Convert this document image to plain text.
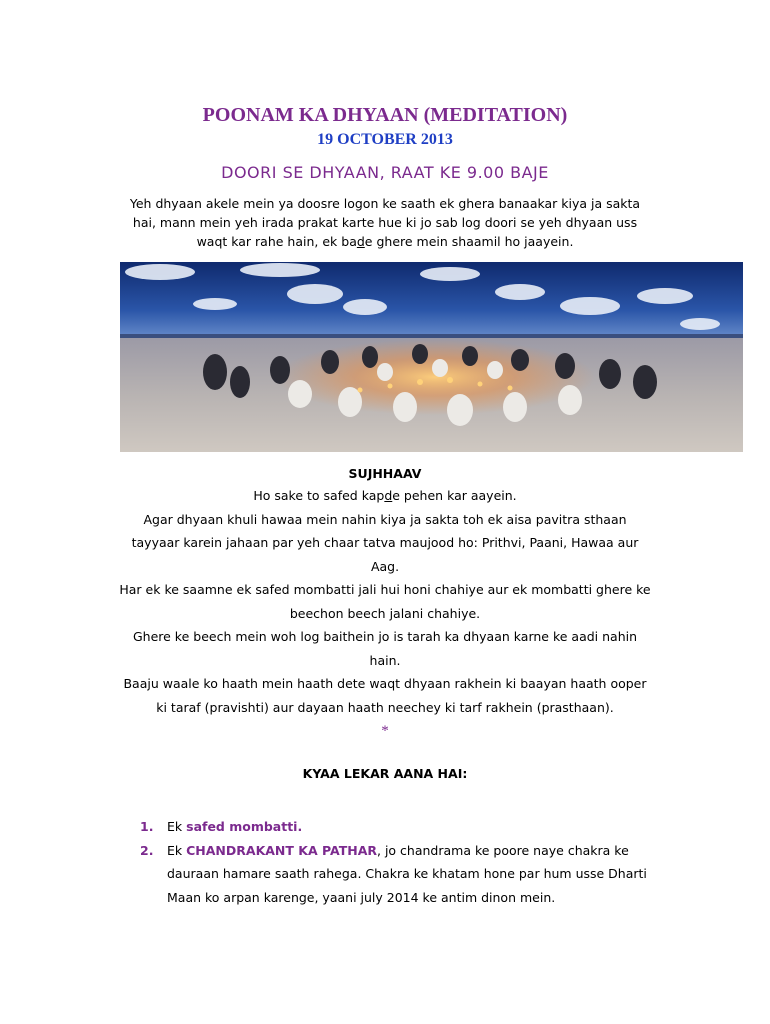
POONAM KA DHYAAN (MEDITATION)
19 OCTOBER 2013
DOORI SE DHYAAN, RAAT KE 9.00 BAJE
Yeh dhyaan akele mein ya doosre logon ke saath ek ghera banaakar kiya ja sakta
hai, mann mein yeh irada prakat karte hue ki jo sab log doori se yeh dhyaan uss
waqt kar rahe hain, ek bade ghere mein shaamil ho jaayein.
SUJHHAAV

Ho sake to safed kapde pehen kar aayein.

Agar dhyaan khuli hawaa mein nahin kiya ja sakta toh ek aisa pavitra sthaan

tayyaar karein jahaan par yeh chaar tatva maujood ho: Prithvi, Paani, Hawaa aur

Aag.

Har ek ke saamne ek safed mombatti jali hui honi chahiye aur ek mombatti ghere ke

beechon beech jalani chahiye.

Ghere ke beech mein woh log baithein jo is tarah ka dhyaan karne ke aadi nahin

hain.

Baaju waale ko haath mein haath dete waqt dhyaan rakhein ki baayan haath ooper

ki taraf (pravishti) aur dayaan haath neechey ki tarf rakhein (prasthaan).

*

KYAA LEKAR AANA HAI:
1. Ek safed mombatti.
2. Ek CHANDRAKANT KA PATHAR, jo chandrama ke poore naye chakra ke
dauraan hamare saath rahega. Chakra ke khatam hone par hum usse Dharti
Maan ko arpan karenge, yaani july 2014 ke antim dinon mein.
